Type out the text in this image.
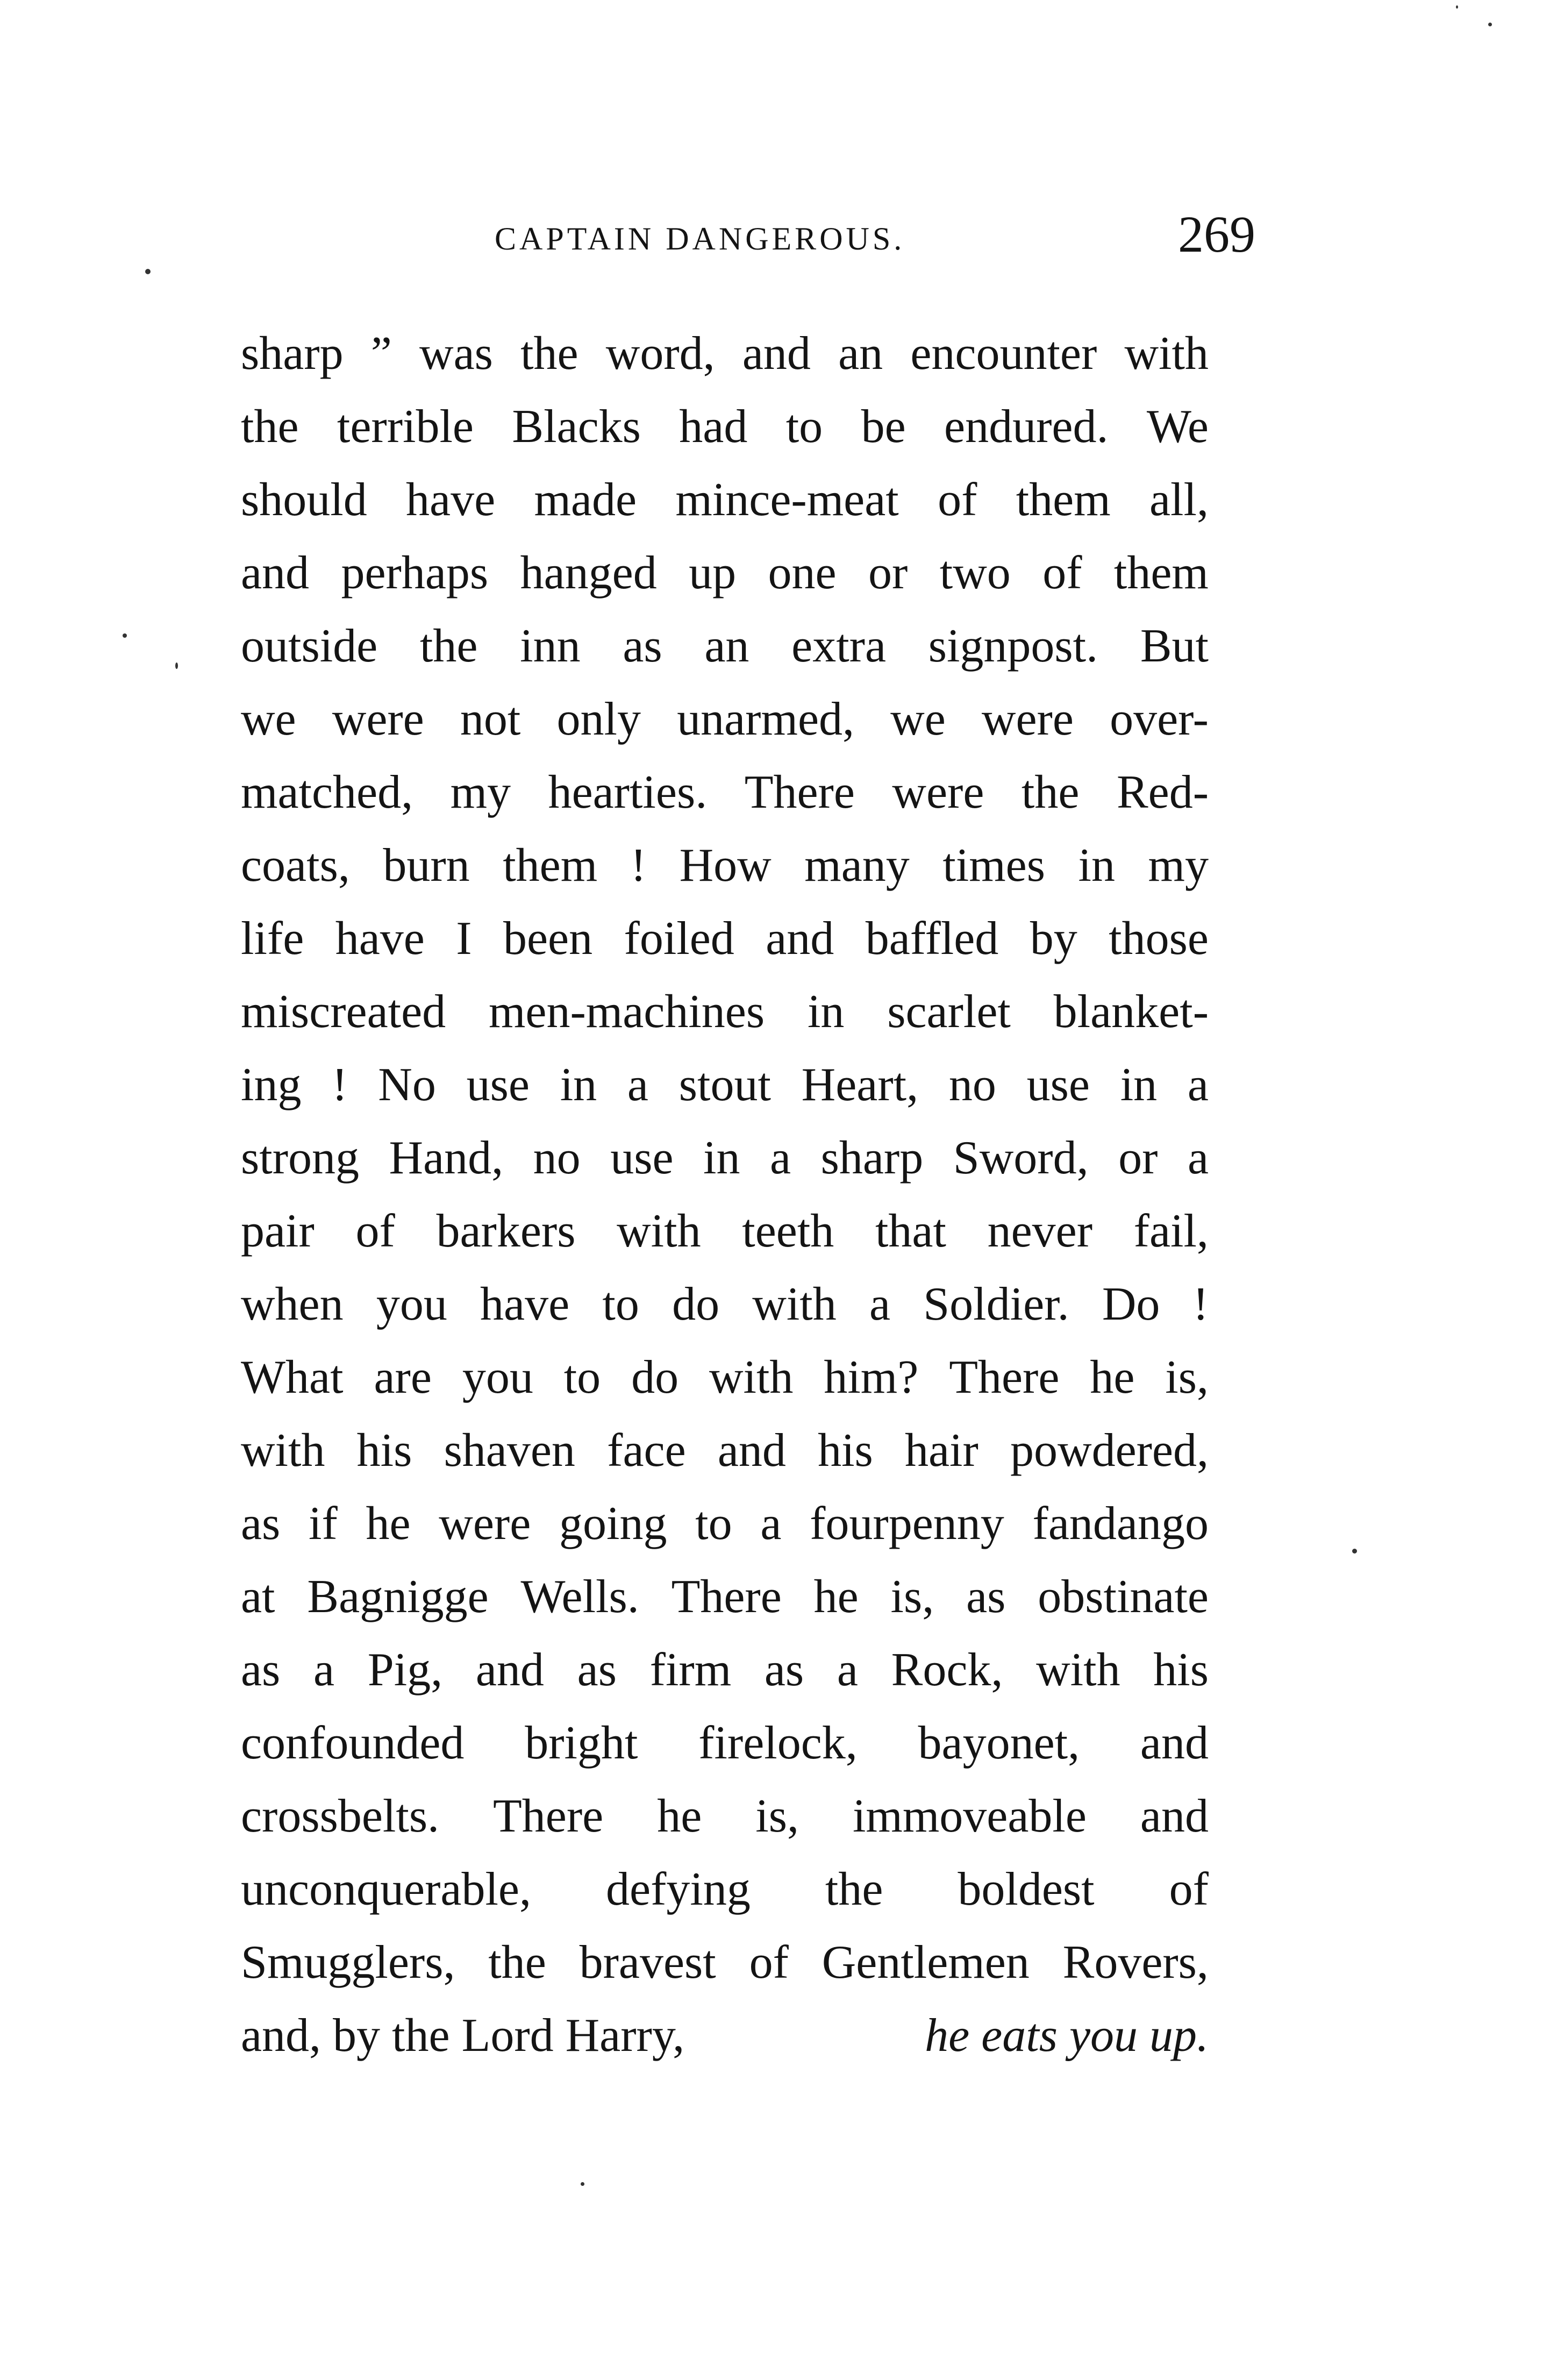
CAPTAIN DANGEROUS.	269
sharp ” was the word, and an encounter with
the terrible Blacks had to be endured. We
should have made mince-meat of them all,
and perhaps hanged up one or two of them
outside the inn as an extra signpost. But
we were not only unarmed, we were over-
matched, my hearties. There were the Red-
coats, burn them ! How many times in my
life have I been foiled and baffled by those
miscreated men-machines in scarlet blanket-
ing ! No use in a stout Heart, no use in a
strong Hand, no use in a sharp Sword, or a
pair of barkers with teeth that never fail,
when you have to do with a Soldier. Do !
What are you to do with him? There he is,
with his shaven face and his hair powdered,
as if he were going to a fourpenny fandango
at Bagnigge Wells. There he is, as obstinate
as a Pig, and as firm as a Rock, with his
confounded bright firelock, bayonet, and
crossbelts. There he is, immoveable and
unconquerable, defying the boldest of
Smugglers, the bravest of Gentlemen Rovers,
and, by the Lord Harry,	he eats you up.
